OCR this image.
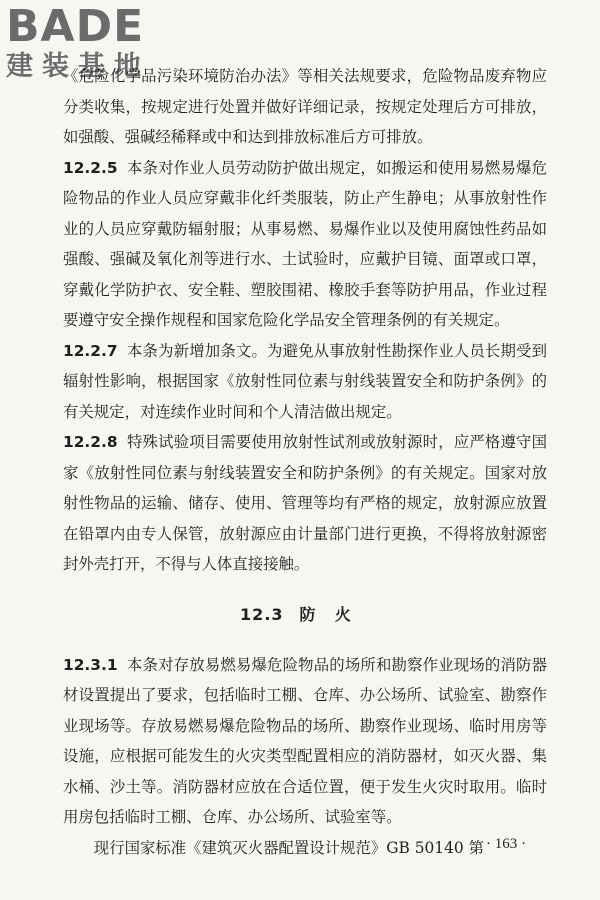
BADE
建装基地

《危险化学品污染环境防治办法》等相关法规要求，危险物品废弃物应分类收集，按规定进行处置并做好详细记录，按规定处理后方可排放，如强酸、强碱经稀释或中和达到排放标准后方可排放。

12.2.5 本条对作业人员劳动防护做出规定，如搬运和使用易燃易爆危险物品的作业人员应穿戴非化纤类服装，防止产生静电；从事放射性作业的人员应穿戴防辐射服；从事易燃、易爆作业以及使用腐蚀性药品如强酸、强碱及氧化剂等进行水、土试验时，应戴护目镜、面罩或口罩，穿戴化学防护衣、安全鞋、塑胶围裙、橡胶手套等防护用品，作业过程要遵守安全操作规程和国家危险化学品安全管理条例的有关规定。

12.2.7 本条为新增加条文。为避免从事放射性勘探作业人员长期受到辐射性影响，根据国家《放射性同位素与射线装置安全和防护条例》的有关规定，对连续作业时间和个人清洁做出规定。

12.2.8 特殊试验项目需要使用放射性试剂或放射源时，应严格遵守国家《放射性同位素与射线装置安全和防护条例》的有关规定。国家对放射性物品的运输、储存、使用、管理等均有严格的规定，放射源应放置在铅罩内由专人保管，放射源应由计量部门进行更换，不得将放射源密封外壳打开，不得与人体直接接触。

12.3 防火

12.3.1 本条对存放易燃易爆危险物品的场所和勘察作业现场的消防器材设置提出了要求，包括临时工棚、仓库、办公场所、试验室、勘察作业现场等。存放易燃易爆危险物品的场所、勘察作业现场、临时用房等设施，应根据可能发生的火灾类型配置相应的消防器材，如灭火器、集水桶、沙土等。消防器材应放在合适位置，便于发生火灾时取用。临时用房包括临时工棚、仓库、办公场所、试验室等。

现行国家标准《建筑灭火器配置设计规范》GB 50140 第 · 163 ·
